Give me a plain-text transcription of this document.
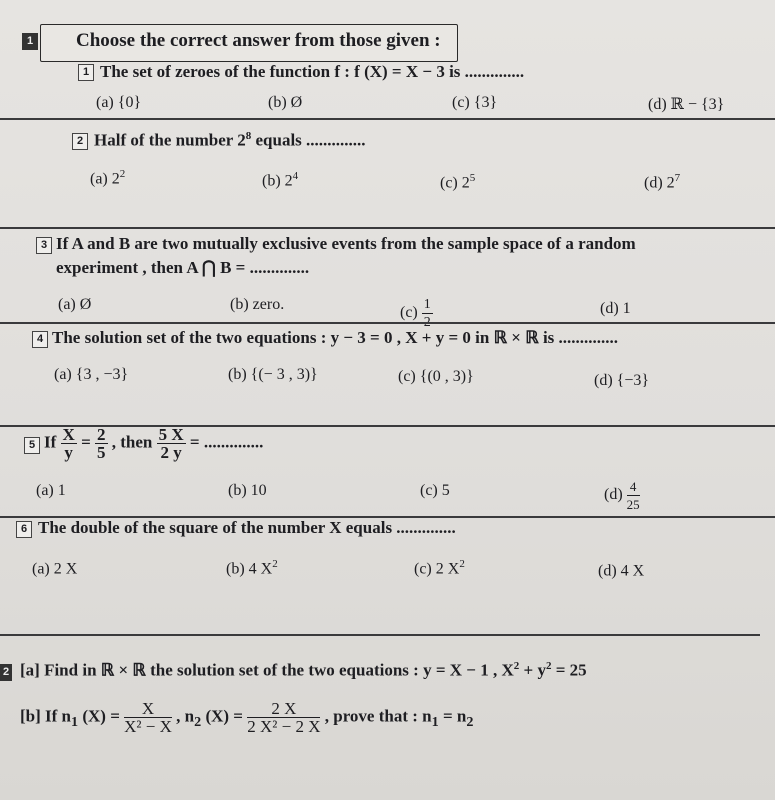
1 Choose the correct answer from those given :
1 The set of zeroes of the function f : f (X) = X − 3 is ..............
(a) {0}	(b) Ø	(c) {3}	(d) ℝ − {3}
2 Half of the number $2^8$ equals ..............
(a) $2^2$	(b) $2^4$	(c) $2^5$	(d) $2^7$
3 If A and B are two mutually exclusive events from the sample space of a random
experiment , then A ⋂ B = ..............
(a) Ø	(b) zero.	(c) 1	(d) 1
4 The solution set of the two equations : y − 3 = 0 , X + y = 0 in ℝ × ℝ is ..............
(a) {3 , −3}	(b) {(− 3 , 3)}	(c) {(0 , 3)}	(d) {−3}
5 If $\frac{X}{y} = \frac{2}{5}$ , then $\frac{5 X}{2 y}$ = ..............
(a) 1	(b) 10	(c) 5	$(d) \frac{4}{25}$
6 The double of the square of the number X equals ..............
(a) 2 X	(b) 4 $X^2$	(c) 2 $X^2$	(d) 4 X
2 [a] Find in ℝ × ℝ the solution set of the two equations : y = X − 1 , $X^2 + y^2 = 25$
[b] If $n_1$ $(X) = \frac{X}{\text{X² − X}}$ , $n_2$ $(X) = \frac{2 X}{\text{2 X² − 2 X}}$ , prove that : $n_1 = n_2$
